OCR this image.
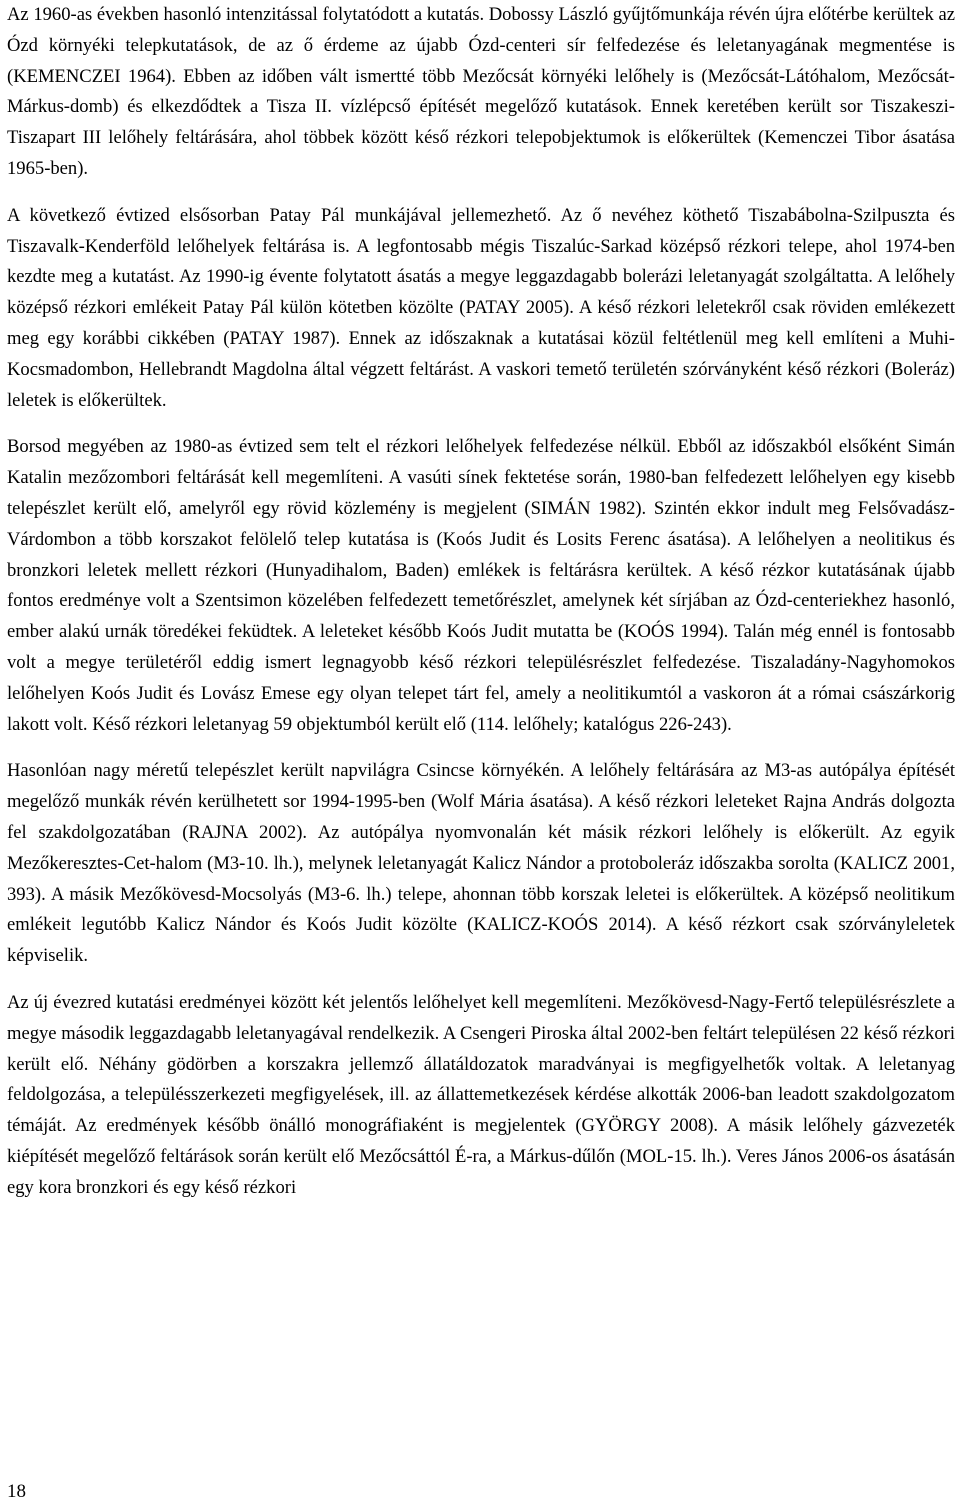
Az 1960-as években hasonló intenzitással folytatódott a kutatás. Dobossy László gyűjtőmunkája révén újra előtérbe kerültek az Ózd környéki telepkutatások, de az ő érdeme az újabb Ózd-centeri sír felfedezése és leletanyagának megmentése is (KEMENCZEI 1964). Ebben az időben vált ismertté több Mezőcsát környéki lelőhely is (Mezőcsát-Látóhalom, Mezőcsát-Márkus-domb) és elkezdődtek a Tisza II. vízlépcső építését megelőző kutatások. Ennek keretében került sor Tiszakeszi-Tiszapart III lelőhely feltárására, ahol többek között késő rézkori telepobjektumok is előkerültek (Kemenczei Tibor ásatása 1965-ben).

A következő évtized elsősorban Patay Pál munkájával jellemezhető. Az ő nevéhez köthető Tiszabábolna-Szilpuszta és Tiszavalk-Kenderföld lelőhelyek feltárása is. A legfontosabb mégis Tiszalúc-Sarkad középső rézkori telepe, ahol 1974-ben kezdte meg a kutatást. Az 1990-ig évente folytatott ásatás a megye leggazdagabb bolerázi leletanyagát szolgáltatta. A lelőhely középső rézkori emlékeit Patay Pál külön kötetben közölte (PATAY 2005). A késő rézkori leletekről csak röviden emlékezett meg egy korábbi cikkében (PATAY 1987). Ennek az időszaknak a kutatásai közül feltétlenül meg kell említeni a Muhi-Kocsmadombon, Hellebrandt Magdolna által végzett feltárást. A vaskori temető területén szórványként késő rézkori (Boleráz) leletek is előkerültek.

Borsod megyében az 1980-as évtized sem telt el rézkori lelőhelyek felfedezése nélkül. Ebből az időszakból elsőként Simán Katalin mezőzombori feltárását kell megemlíteni. A vasúti sínek fektetése során, 1980-ban felfedezett lelőhelyen egy kisebb telepészlet került elő, amelyről egy rövid közlemény is megjelent (SIMÁN 1982). Szintén ekkor indult meg Felsővadász-Várdombon a több korszakot felölelő telep kutatása is (Koós Judit és Losits Ferenc ásatása). A lelőhelyen a neolitikus és bronzkori leletek mellett rézkori (Hunyadihalom, Baden) emlékek is feltárásra kerültek. A késő rézkor kutatásának újabb fontos eredménye volt a Szentsimon közelében felfedezett temetőrészlet, amelynek két sírjában az Ózd-centeriekhez hasonló, ember alakú urnák töredékei feküdtek. A leleteket később Koós Judit mutatta be (KOÓS 1994). Talán még ennél is fontosabb volt a megye területéről eddig ismert legnagyobb késő rézkori településrészlet felfedezése. Tiszaladány-Nagyhomokos lelőhelyen Koós Judit és Lovász Emese egy olyan telepet tárt fel, amely a neolitikumtól a vaskoron át a római császárkorig lakott volt. Késő rézkori leletanyag 59 objektumból került elő (114. lelőhely; katalógus 226-243).

Hasonlóan nagy méretű telepészlet került napvilágra Csincse környékén. A lelőhely feltárására az M3-as autópálya építését megelőző munkák révén kerülhetett sor 1994-1995-ben (Wolf Mária ásatása). A késő rézkori leleteket Rajna András dolgozta fel szakdolgozatában (RAJNA 2002). Az autópálya nyomvonalán két másik rézkori lelőhely is előkerült. Az egyik Mezőkeresztes-Cet-halom (M3-10. lh.), melynek leletanyagát Kalicz Nándor a protoboleráz időszakba sorolta (KALICZ 2001, 393). A másik Mezőkövesd-Mocsolyás (M3-6. lh.) telepe, ahonnan több korszak leletei is előkerültek. A középső neolitikum emlékeit legutóbb Kalicz Nándor és Koós Judit közölte (KALICZ-KOÓS 2014). A késő rézkort csak szórványleletek képviselik.

Az új évezred kutatási eredményei között két jelentős lelőhelyet kell megemlíteni. Mezőkövesd-Nagy-Fertő településrészlete a megye második leggazdagabb leletanyagával rendelkezik. A Csengeri Piroska által 2002-ben feltárt településen 22 késő rézkori került elő. Néhány gödörben a korszakra jellemző állatáldozatok maradványai is megfigyelhetők voltak. A leletanyag feldolgozása, a településszerkezeti megfigyelések, ill. az állattemetkezések kérdése alkották 2006-ban leadott szakdolgozatom témáját. Az eredmények később önálló monográfiaként is megjelentek (GYÖRGY 2008). A másik lelőhely gázvezeték kiépítését megelőző feltárások során került elő Mezőcsáttól É-ra, a Márkus-dűlőn (MOL-15. lh.). Veres János 2006-os ásatásán egy kora bronzkori és egy késő rézkori

18
